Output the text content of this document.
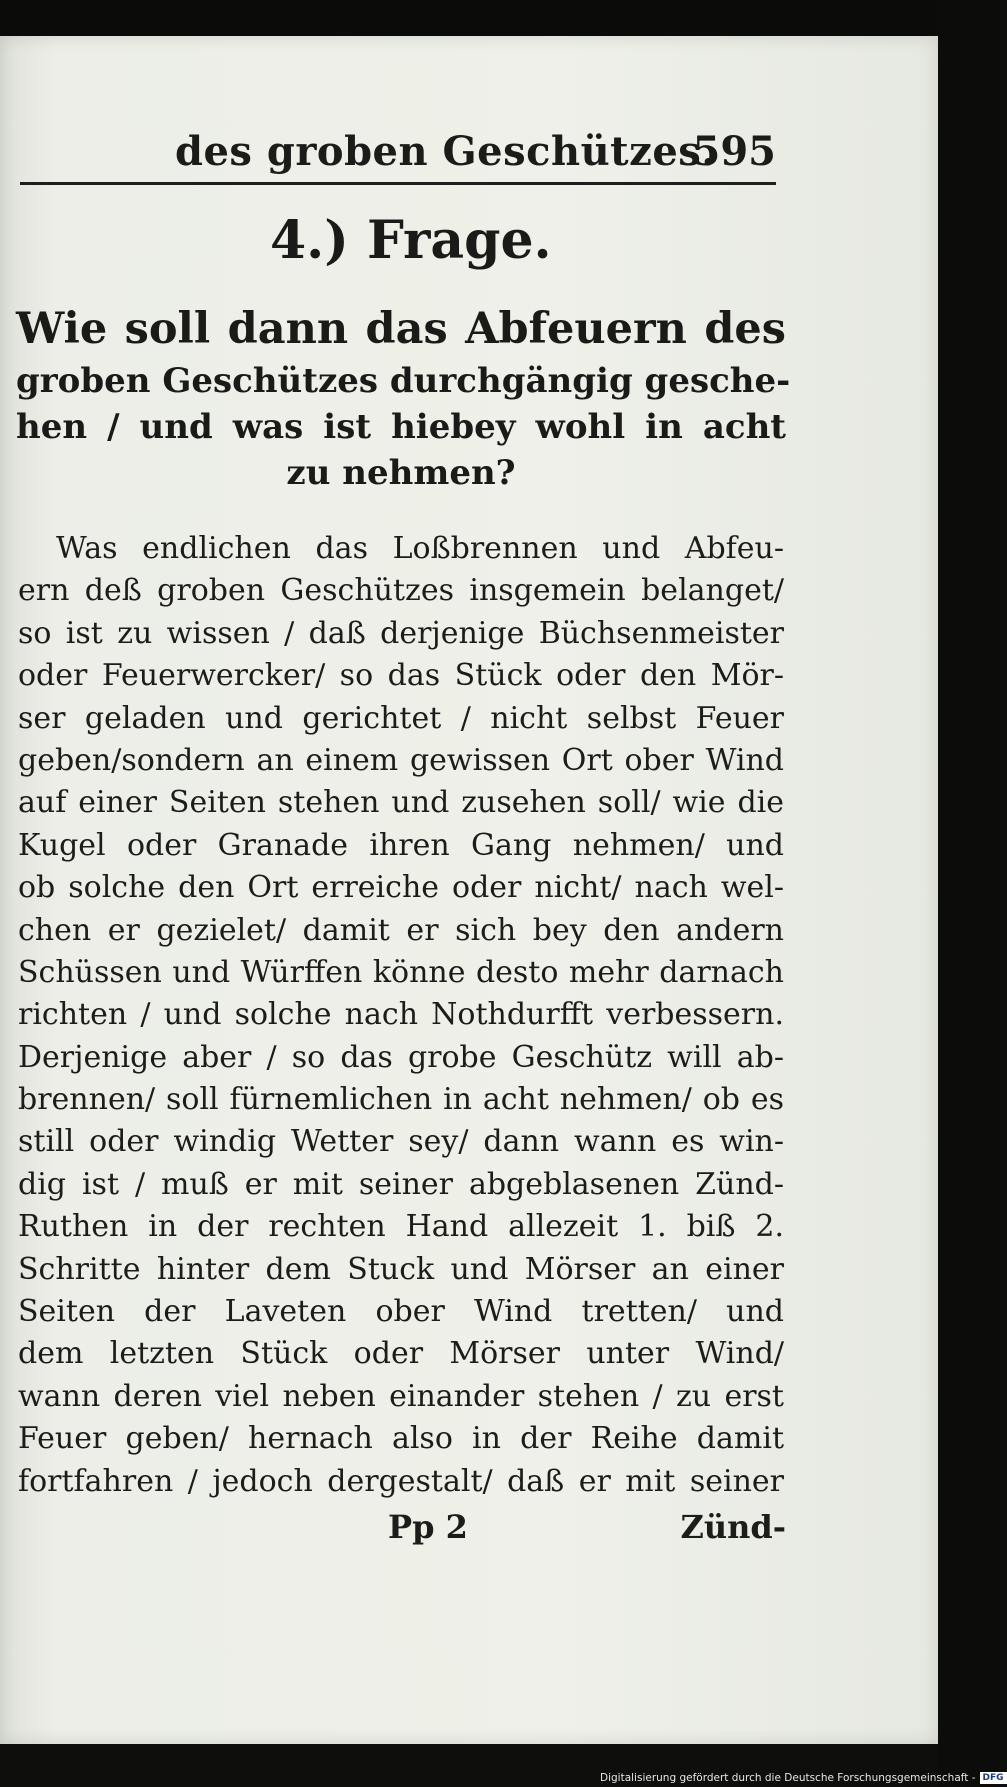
des groben Geschützes.
595
4.) Frage.
Wie soll dann das Abfeuern des
groben Geschützes durchgängig gesche-
hen / und was ist hiebey wohl in acht
zu nehmen?
Was endlichen das Loßbrennen und Abfeu-
ern deß groben Geschützes insgemein belanget/
so ist zu wissen / daß derjenige Büchsenmeister
oder Feuerwercker/ so das Stück oder den Mör-
ser geladen und gerichtet / nicht selbst Feuer
geben/sondern an einem gewissen Ort ober Wind
auf einer Seiten stehen und zusehen soll/ wie die
Kugel oder Granade ihren Gang nehmen/ und
ob solche den Ort erreiche oder nicht/ nach wel-
chen er gezielet/ damit er sich bey den andern
Schüssen und Würffen könne desto mehr darnach
richten / und solche nach Nothdurfft verbessern.
Derjenige aber / so das grobe Geschütz will ab-
brennen/ soll fürnemlichen in acht nehmen/ ob es
still oder windig Wetter sey/ dann wann es win-
dig ist / muß er mit seiner abgeblasenen Zünd-
Ruthen in der rechten Hand allezeit 1. biß 2.
Schritte hinter dem Stuck und Mörser an einer
Seiten der Laveten ober Wind tretten/ und
dem letzten Stück oder Mörser unter Wind/
wann deren viel neben einander stehen / zu erst
Feuer geben/ hernach also in der Reihe damit
fortfahren / jedoch dergestalt/ daß er mit seiner
Pp 2	Zünd-
Digitalisierung gefördert durch die Deutsche Forschungsgemeinschaft - DFG
